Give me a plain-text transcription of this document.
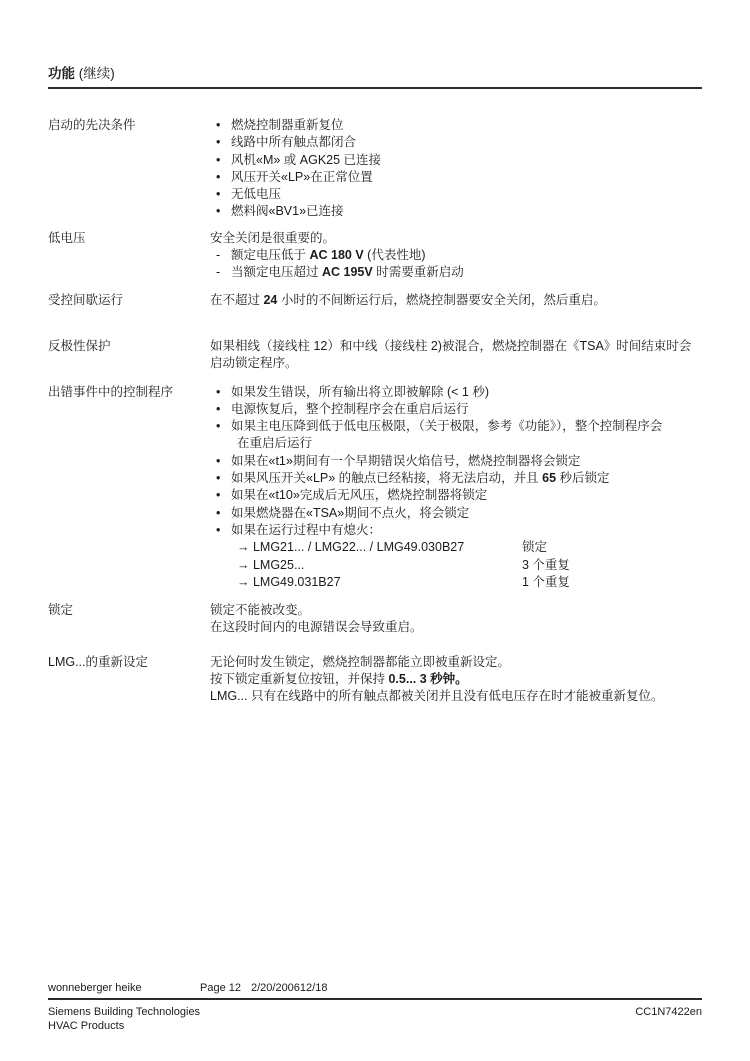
功能 (继续)
启动的先决条件	• 燃烧控制器重新复位
• 线路中所有触点都闭合
• 风机«M» 或 AGK25 已连接
• 风压开关«LP»在正常位置
• 无低电压
• 燃料阀«BV1»已连接
低电压	安全关闭是很重要的。
- 额定电压低于 AC 180 V (代表性地)
- 当额定电压超过 AC 195V 时需要重新启动
受控间歇运行	在不超过 24 小时的不间断运行后，燃烧控制器要安全关闭，然后重启。
反极性保护	如果相线（接线柱 12）和中线（接线柱 2)被混合，燃烧控制器在《TSA》时间结束时会
启动锁定程序。
出错事件中的控制程序	• 如果发生错误，所有输出将立即被解除 (< 1 秒)
• 电源恢复后，整个控制程序会在重启后运行
• 如果主电压降到低于低电压极限，（关于极限，参考《功能》），整个控制程序会
在重启后运行
• 如果在«t1»期间有一个早期错误火焰信号，燃烧控制器将会锁定
• 如果风压开关«LP» 的触点已经粘接，将无法启动，并且 65 秒后锁定
• 如果在«t10»完成后无风压，燃烧控制器将锁定
• 如果燃烧器在«TSA»期间不点火，将会锁定
• 如果在运行过程中有熄火：
→ LMG21... / LMG22... / LMG49.030B27	锁定
→ LMG25...	3 个重复
→ LMG49.031B27	1 个重复
锁定	锁定不能被改变。
在这段时间内的电源错误会导致重启。
LMG...的重新设定	无论何时发生锁定，燃烧控制器都能立即被重新设定。
按下锁定重新复位按钮，并保持 0.5... 3 秒钟。
LMG... 只有在线路中的所有触点都被关闭并且没有低电压存在时才能被重新复位。
wonneberger heike	Page 12 2/20/200612/18
Siemens Building Technologies
HVAC Products
CC1N7422en
